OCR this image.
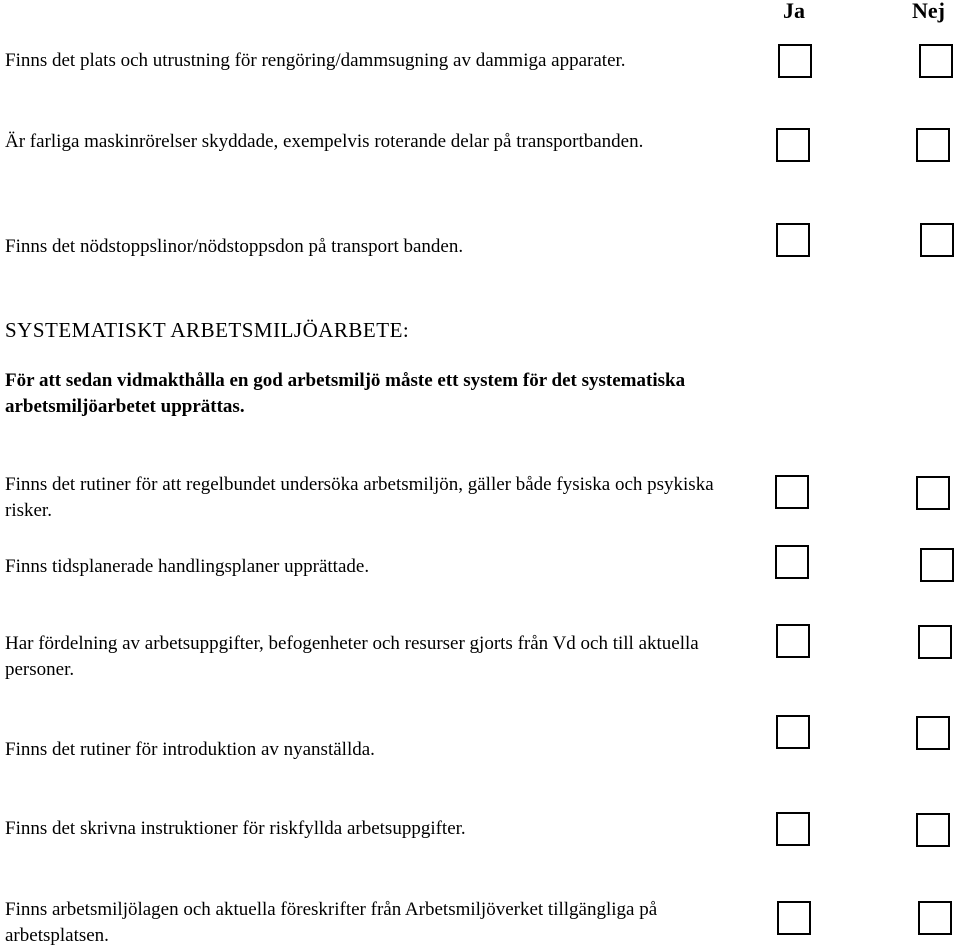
Ja	Nej

Finns det plats och utrustning för rengöring/dammsugning av dammiga apparater.

Är farliga maskinrörelser skyddade, exempelvis roterande delar på transportbanden.

Finns det nödstoppslinor/nödstoppsdon på transport banden.

SYSTEMATISKT ARBETSMILJÖARBETE:

För att sedan vidmakthålla en god arbetsmiljö måste ett system för det systematiska arbetsmiljöarbetet upprättas.

Finns det rutiner för att regelbundet undersöka arbetsmiljön, gäller både fysiska och psykiska risker.

Finns tidsplanerade handlingsplaner upprättade.

Har fördelning av arbetsuppgifter, befogenheter och resurser gjorts från Vd och till aktuella personer.

Finns det rutiner för introduktion av nyanställda.

Finns det skrivna instruktioner för riskfyllda arbetsuppgifter.

Finns arbetsmiljölagen och aktuella föreskrifter från Arbetsmiljöverket tillgängliga på arbetsplatsen.
